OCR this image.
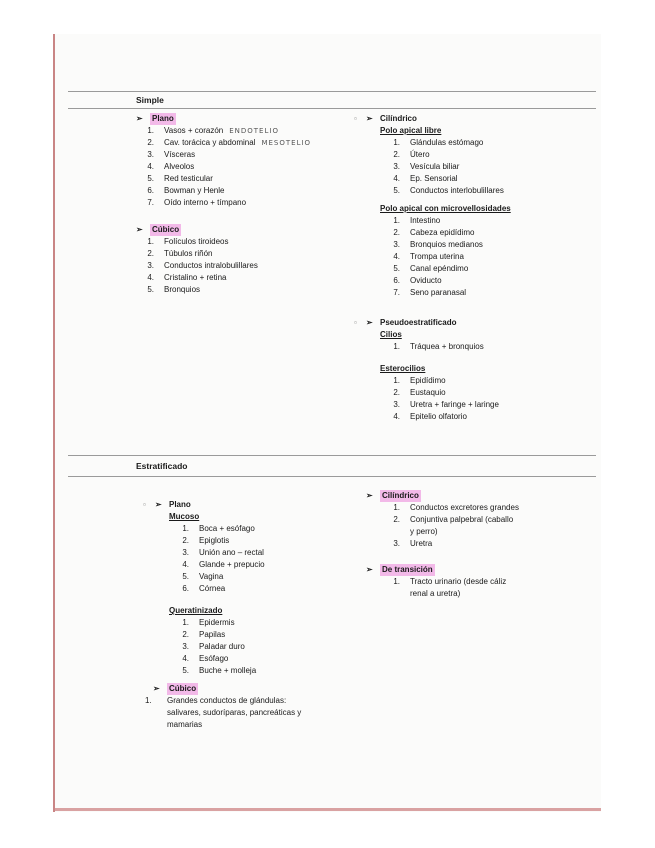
Simple
➢	Plano
1. Vasos + corazón ENDOTELIO
2. Cav. torácica y abdominal MESOTELIO
3. Vísceras
4. Alveolos
5. Red testicular
6. Bowman y Henle
7. Oído interno + tímpano
➢	Cúbico
1. Folículos tiroideos
2. Túbulos riñón
3. Conductos intralobulillares
4. Cristalino + retina
5. Bronquios
▫ ➢ Cilíndrico
Polo apical libre
1. Glándulas estómago
2. Útero
3. Vesícula biliar
4. Ep. Sensorial
5. Conductos interlobulillares
Polo apical con microvellosidades
1. Intestino
2. Cabeza epidídimo
3. Bronquios medianos
4. Trompa uterina
5. Canal epéndimo
6. Oviducto
7. Seno paranasal
▫ ➢ Pseudoestratificado
Cilios
1. Tráquea + bronquios
Esterocilios
1. Epidídimo
2. Eustaquio
3. Uretra + faringe + laringe
4. Epitelio olfatorio
Estratificado
▫ ➢ Plano
Mucoso
1. Boca + esófago
2. Epiglotis
3. Unión ano – rectal
4. Glande + prepucio
5. Vagina
6. Córnea
Queratinizado
1. Epidermis
2. Papilas
3. Paladar duro
4. Esófago
5. Buche + molleja
➢	Cúbico
1.	Grandes conductos de glándulas:
salivares, sudoríparas, pancreáticas y
mamarias
➢	Cilíndrico
1. Conductos excretores grandes
2. Conjuntiva palpebral (caballo
y perro)
3. Uretra
➢	De transición
1. Tracto urinario (desde cáliz
renal a uretra)
